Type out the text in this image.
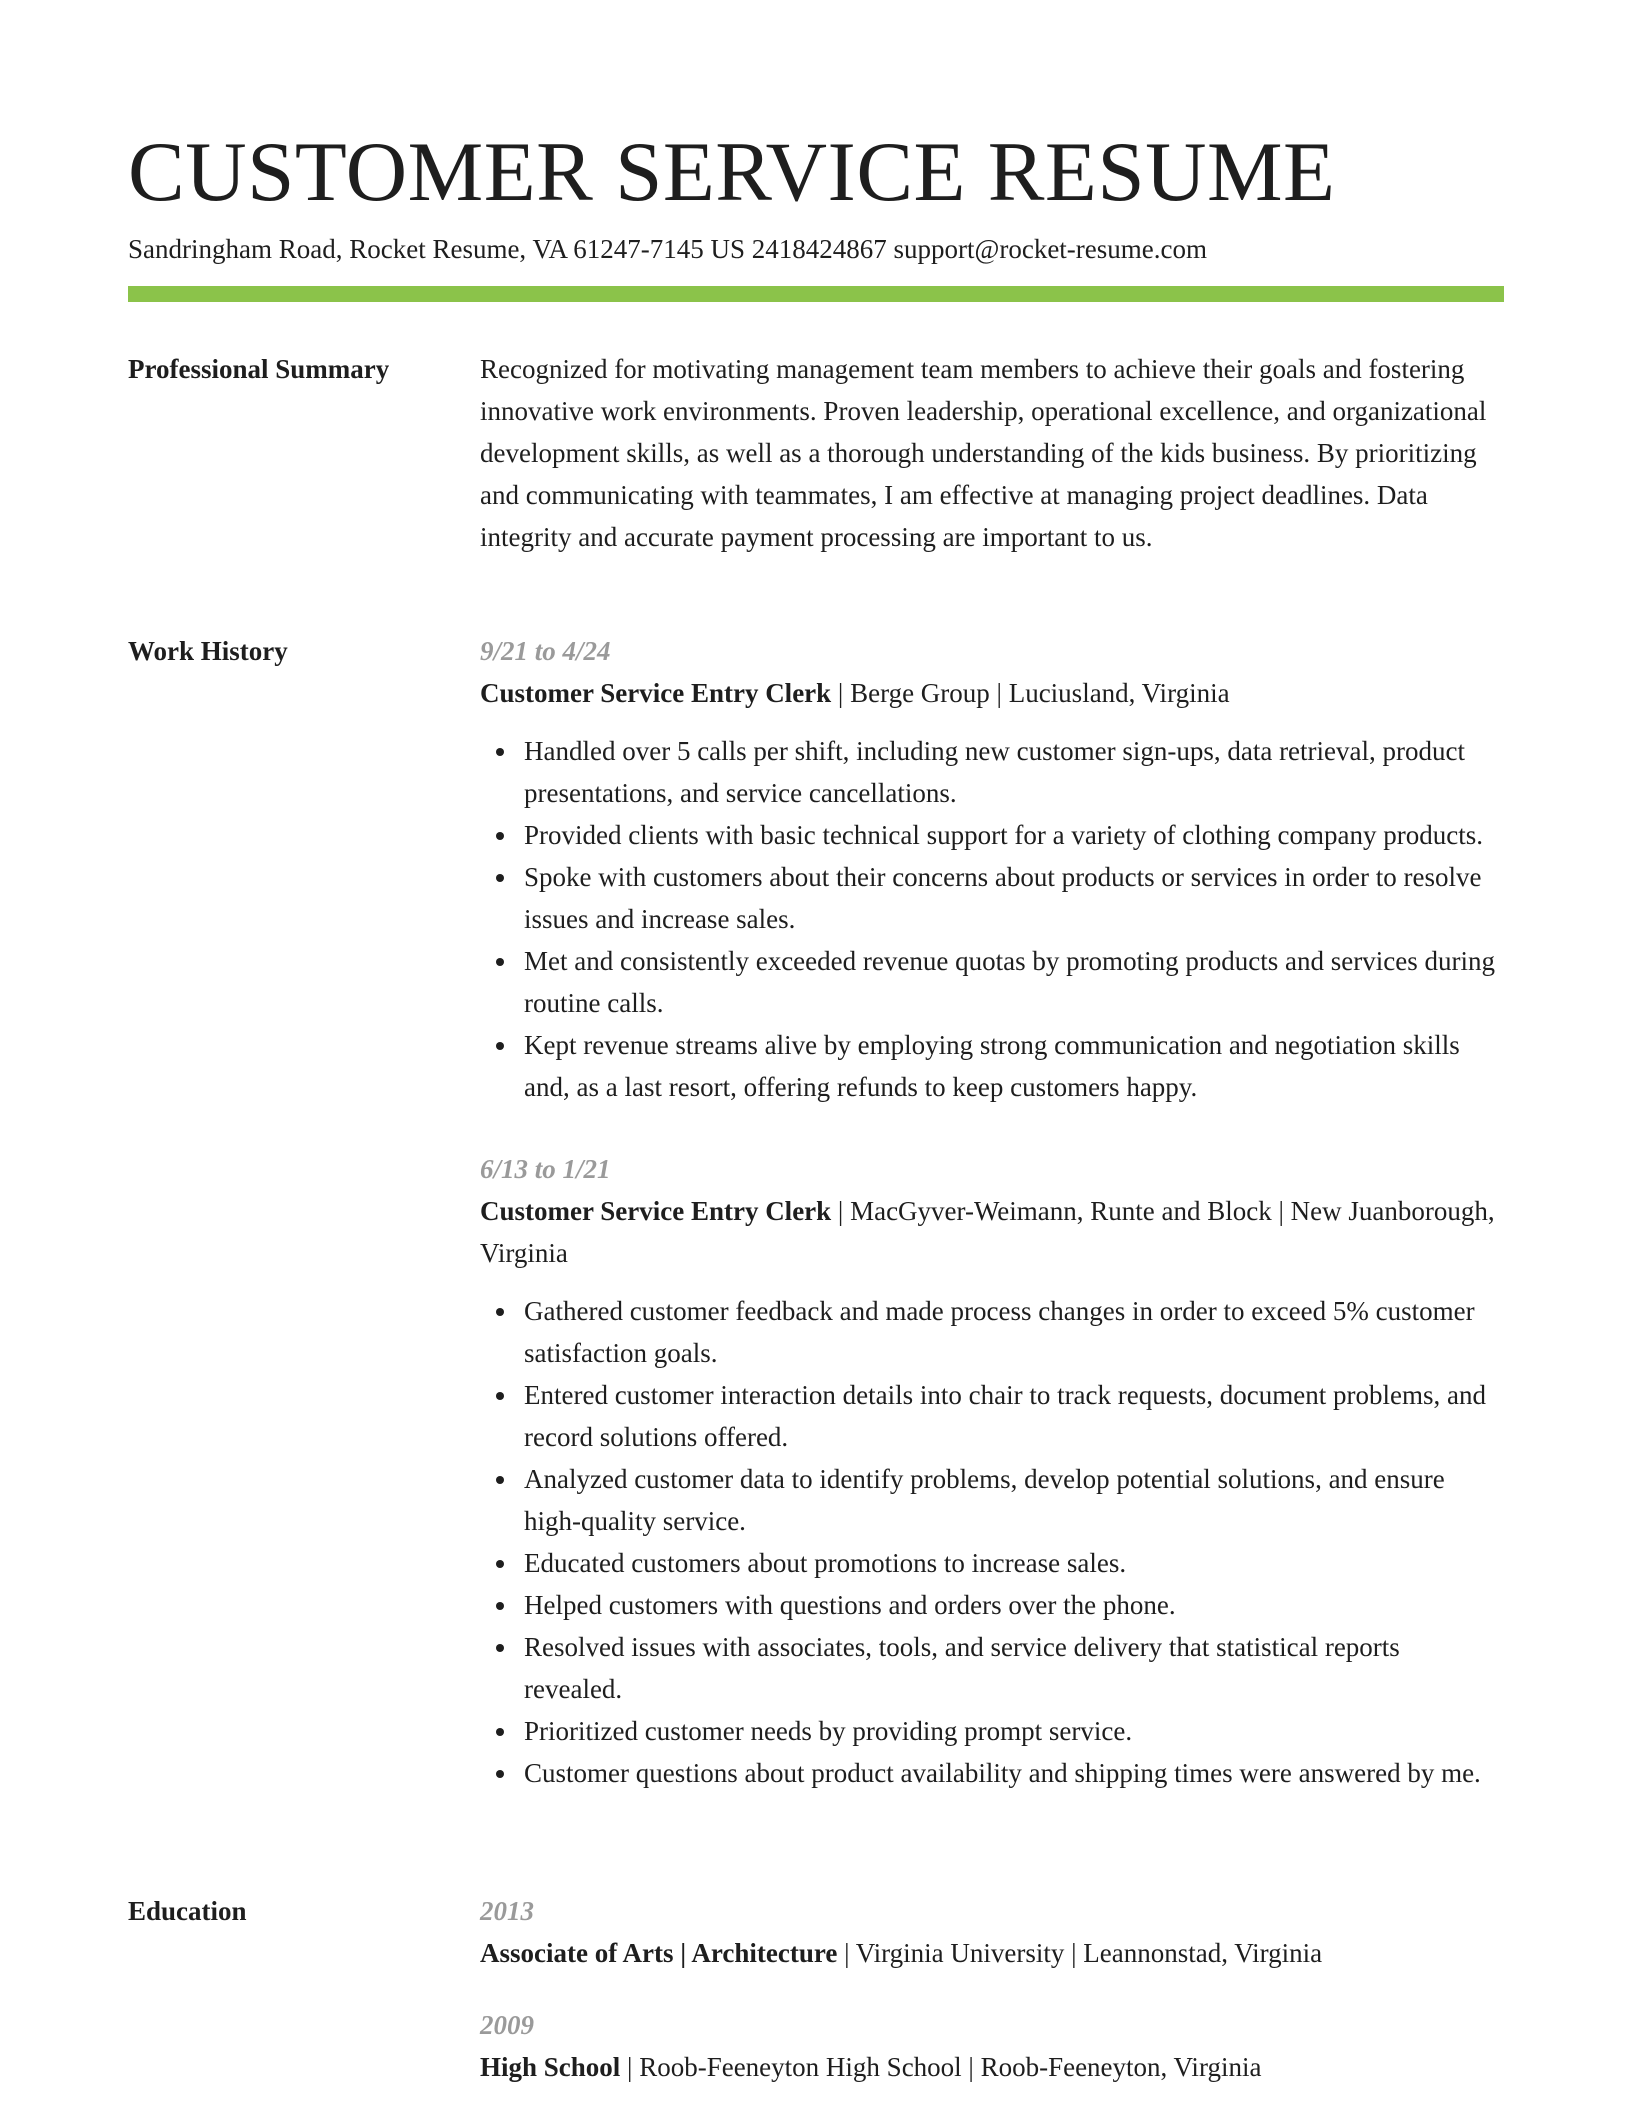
CUSTOMER SERVICE RESUME
Sandringham Road, Rocket Resume, VA 61247-7145 US 2418424867 support@rocket-resume.com
Professional Summary	Recognized for motivating management team members to achieve their goals and fostering innovative work environments. Proven leadership, operational excellence, and organizational development skills, as well as a thorough understanding of the kids business. By prioritizing and communicating with teammates, I am effective at managing project deadlines. Data integrity and accurate payment processing are important to us.

Work History	9/21 to 4/24

Customer Service Entry Clerk | Berge Group | Luciusland, Virginia

Handled over 5 calls per shift, including new customer sign-ups, data retrieval, product presentations, and service cancellations.
Provided clients with basic technical support for a variety of clothing company products.
Spoke with customers about their concerns about products or services in order to resolve issues and increase sales.
Met and consistently exceeded revenue quotas by promoting products and services during routine calls.
Kept revenue streams alive by employing strong communication and negotiation skills and, as a last resort, offering refunds to keep customers happy.

6/13 to 1/21

Customer Service Entry Clerk | MacGyver-Weimann, Runte and Block | New Juanborough, Virginia

Gathered customer feedback and made process changes in order to exceed 5% customer satisfaction goals.
Entered customer interaction details into chair to track requests, document problems, and record solutions offered.
Analyzed customer data to identify problems, develop potential solutions, and ensure high-quality service.
Educated customers about promotions to increase sales.
Helped customers with questions and orders over the phone.
Resolved issues with associates, tools, and service delivery that statistical reports revealed.
Prioritized customer needs by providing prompt service.
Customer questions about product availability and shipping times were answered by me.
Education	2013

Associate of Arts | Architecture | Virginia University | Leannonstad, Virginia

2009

High School | Roob-Feeneyton High School | Roob-Feeneyton, Virginia
